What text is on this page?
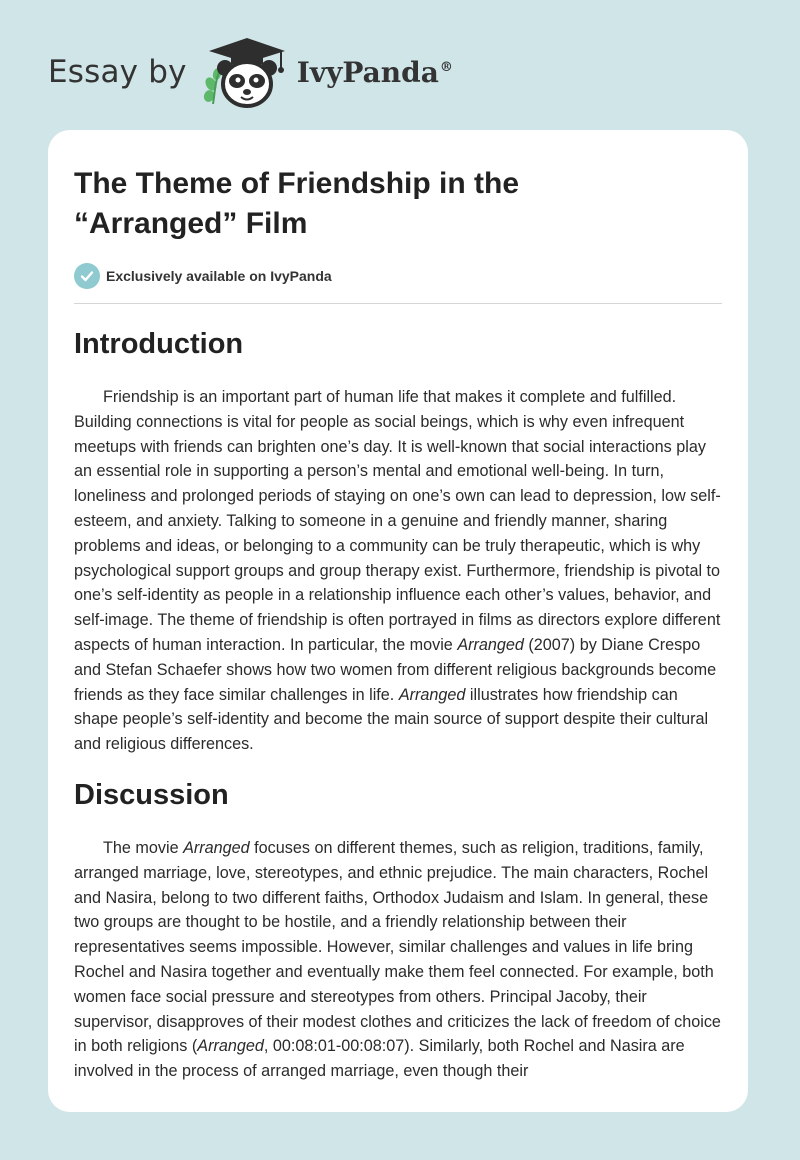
Essay by	IvyPanda®
The Theme of Friendship in the “Arranged” Film
Exclusively available on IvyPanda
Introduction

Friendship is an important part of human life that makes it complete and fulfilled. Building connections is vital for people as social beings, which is why even infrequent meetups with friends can brighten one’s day. It is well-known that social interactions play an essential role in supporting a person’s mental and emotional well-being. In turn, loneliness and prolonged periods of staying on one’s own can lead to depression, low self-esteem, and anxiety. Talking to someone in a genuine and friendly manner, sharing problems and ideas, or belonging to a community can be truly therapeutic, which is why psychological support groups and group therapy exist. Furthermore, friendship is pivotal to one’s self-identity as people in a relationship influence each other’s values, behavior, and self-image. The theme of friendship is often portrayed in films as directors explore different aspects of human interaction. In particular, the movie Arranged (2007) by Diane Crespo and Stefan Schaefer shows how two women from different religious backgrounds become friends as they face similar challenges in life. Arranged illustrates how friendship can shape people’s self-identity and become the main source of support despite their cultural and religious differences.

Discussion

The movie Arranged focuses on different themes, such as religion, traditions, family, arranged marriage, love, stereotypes, and ethnic prejudice. The main characters, Rochel and Nasira, belong to two different faiths, Orthodox Judaism and Islam. In general, these two groups are thought to be hostile, and a friendly relationship between their representatives seems impossible. However, similar challenges and values in life bring Rochel and Nasira together and eventually make them feel connected. For example, both women face social pressure and stereotypes from others. Principal Jacoby, their supervisor, disapproves of their modest clothes and criticizes the lack of freedom of choice in both religions (Arranged, 00:08:01-00:08:07). Similarly, both Rochel and Nasira are involved in the process of arranged marriage, even though their
